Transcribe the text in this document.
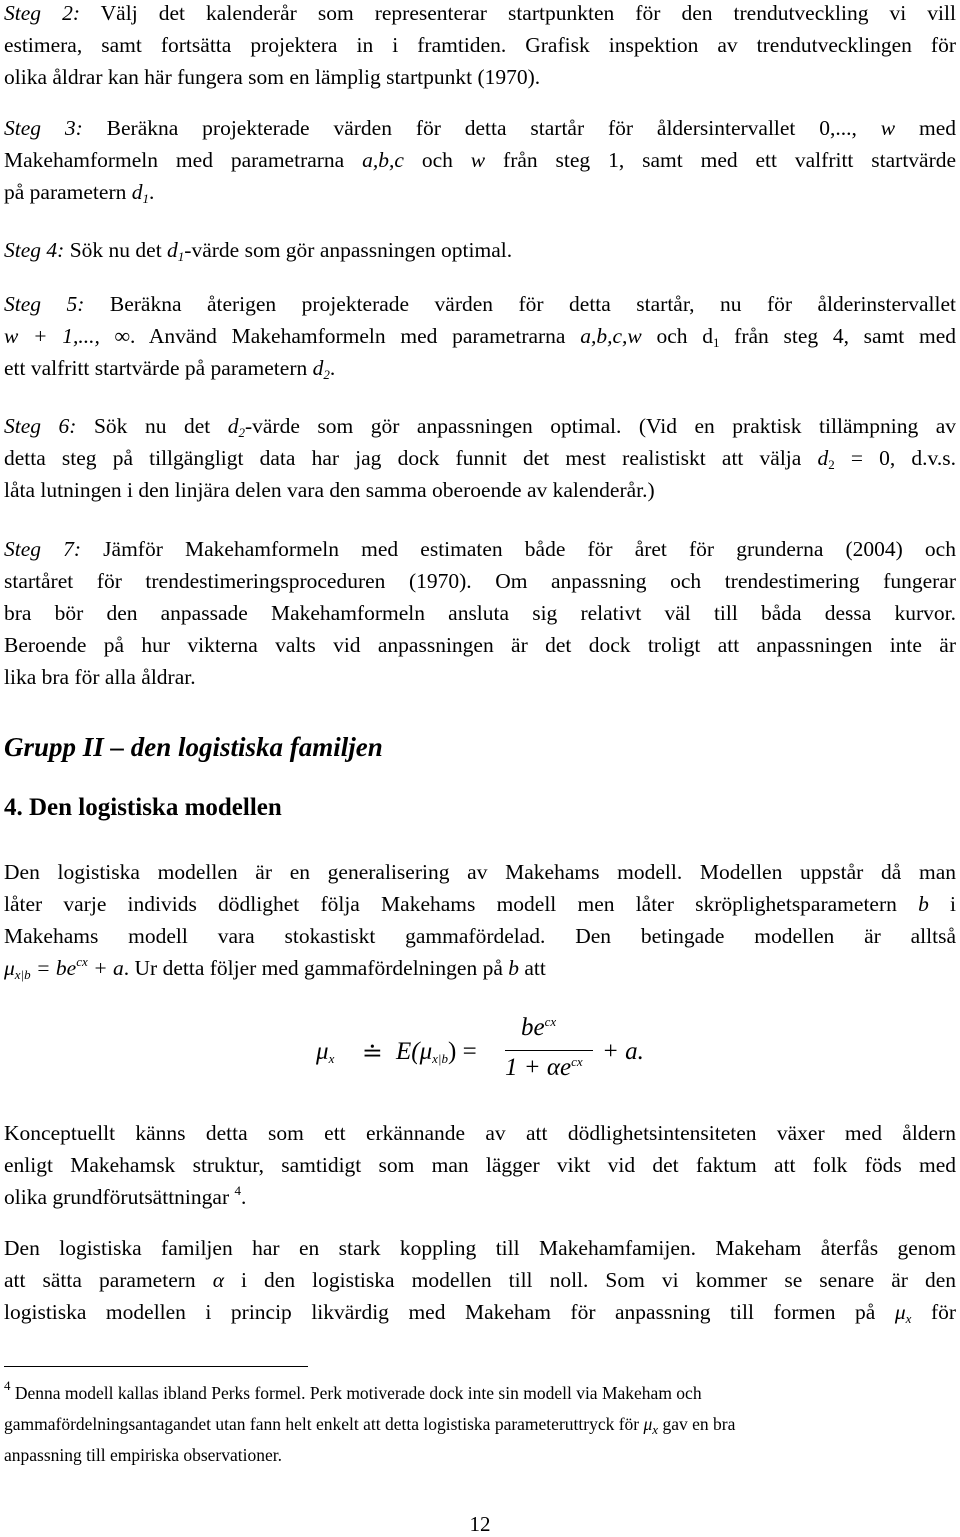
Steg 2: Välj det kalenderår som representerar startpunkten för den trendutveckling vi vill
estimera, samt fortsätta projektera in i framtiden. Grafisk inspektion av trendutvecklingen för
olika åldrar kan här fungera som en lämplig startpunkt (1970).
Steg 3: Beräkna projekterade värden för detta startår för åldersintervallet 0,..., w med
Makehamformeln med parametrarna a,b,c och w från steg 1, samt med ett valfritt startvärde
på parametern $d_1$.
Steg 4: Sök nu $\det d_1$-värde som gör anpassningen optimal.
Steg 5: Beräkna återigen projekterade värden för detta startår, nu för ålderinstervallet
w + 1,..., ∞. Använd Makehamformeln med parametrarna a,b,c,w och $d_1$ från steg 4, samt med
ett valfritt startvärde på parametern $d_2$.
Steg 6: Sök nu $\det d_2$-värde som gör anpassningen optimal. (Vid en praktisk tillämpning av
detta steg på tillgängligt data har jag dock funnit det mest realistiskt att välja $d_2 = 0$, d.v.s.
låta lutningen i den linjära delen vara den samma oberoende av kalenderår.)
Steg 7: Jämför Makehamformeln med estimaten både för året för grunderna (2004) och
startåret för trendestimeringsproceduren (1970). Om anpassning och trendestimering fungerar
bra bör den anpassade Makehamformeln ansluta sig relativt väl till båda dessa kurvor.
Beroende på hur vikterna valts vid anpassningen är det dock troligt att anpassningen inte är
lika bra för alla åldrar.
Grupp II – den logistiska familjen
4. Den logistiska modellen
Den logistiska modellen är en generalisering av Makehams modell. Modellen uppstår då man
låter varje individs dödlighet följa Makehams modell men låter skröplighetsparametern b i
Makehams modell vara stokastiskt gammafördelad. Den betingade modellen är alltså
$\mu_{x|b} = be^{cx} + a$. Ur detta följer med gammafördelningen på b att
$\mu_x$ ≐ $E(\mu_{x|b})$ =
$be^{cx}$
$1 + \alpha e^{cx} + a$.
Konceptuellt känns detta som ett erkännande av att dödlighetsintensiteten växer med åldern
enligt Makehamsk struktur, samtidigt som man lägger vikt vid det faktum att folk föds med
olika grundförutsättningar $^4$.
Den logistiska familjen har en stark koppling till Makehamfamijen. Makeham återfås genom
att sätta parametern α i den logistiska modellen till noll. Som vi kommer se senare är den
logistiska modellen i princip likvärdig med Makeham för anpassning till formen på $\mu_x$ för
$^4$ Denna modell kallas ibland Perks formel. Perk motiverade dock inte sin modell via Makeham och
gammafördelningsantagandet utan fann helt enkelt att detta logistiska parameteruttryck för $\mu_x$ gav en bra
anpassning till empiriska observationer.
12
